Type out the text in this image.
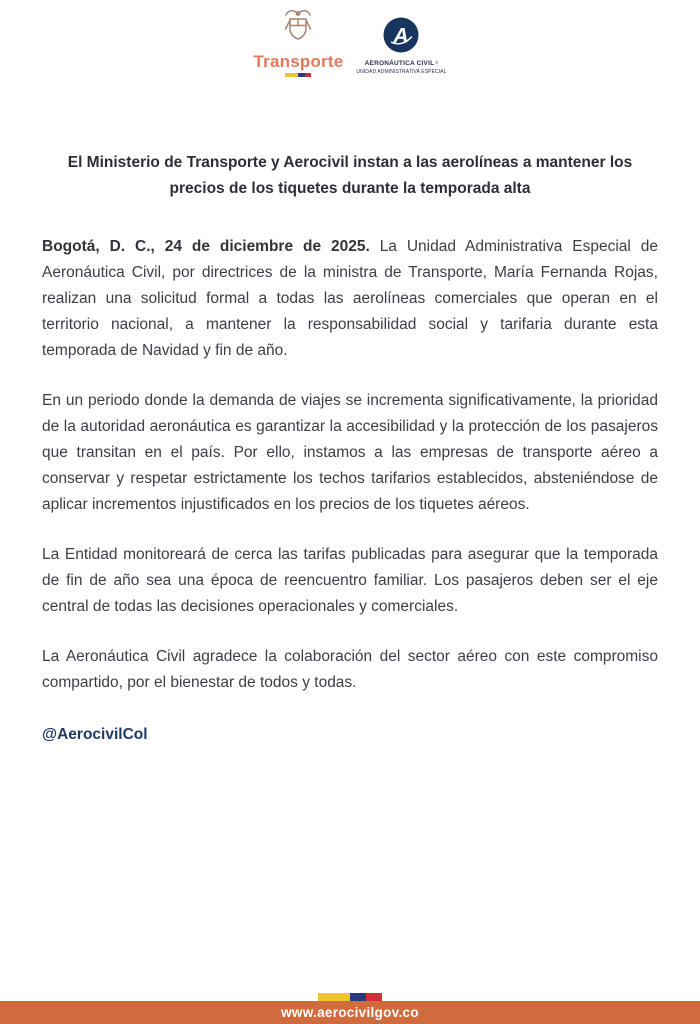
Transporte
A
AERONÁUTICA CIVIL ®
UNIDAD ADMINISTRATIVA ESPECIAL
El Ministerio de Transporte y Aerocivil instan a las aerolíneas a mantener los precios de los tiquetes durante la temporada alta

Bogotá, D. C., 24 de diciembre de 2025. La Unidad Administrativa Especial de Aeronáutica Civil, por directrices de la ministra de Transporte, María Fernanda Rojas, realizan una solicitud formal a todas las aerolíneas comerciales que operan en el territorio nacional, a mantener la responsabilidad social y tarifaria durante esta temporada de Navidad y fin de año.

En un periodo donde la demanda de viajes se incrementa significativamente, la prioridad de la autoridad aeronáutica es garantizar la accesibilidad y la protección de los pasajeros que transitan en el país. Por ello, instamos a las empresas de transporte aéreo a conservar y respetar estrictamente los techos tarifarios establecidos, absteniéndose de aplicar incrementos injustificados en los precios de los tiquetes aéreos.

La Entidad monitoreará de cerca las tarifas publicadas para asegurar que la temporada de fin de año sea una época de reencuentro familiar. Los pasajeros deben ser el eje central de todas las decisiones operacionales y comerciales.

La Aeronáutica Civil agradece la colaboración del sector aéreo con este compromiso compartido, por el bienestar de todos y todas.

@AerocivilCol

www.aerocivilgov.co
